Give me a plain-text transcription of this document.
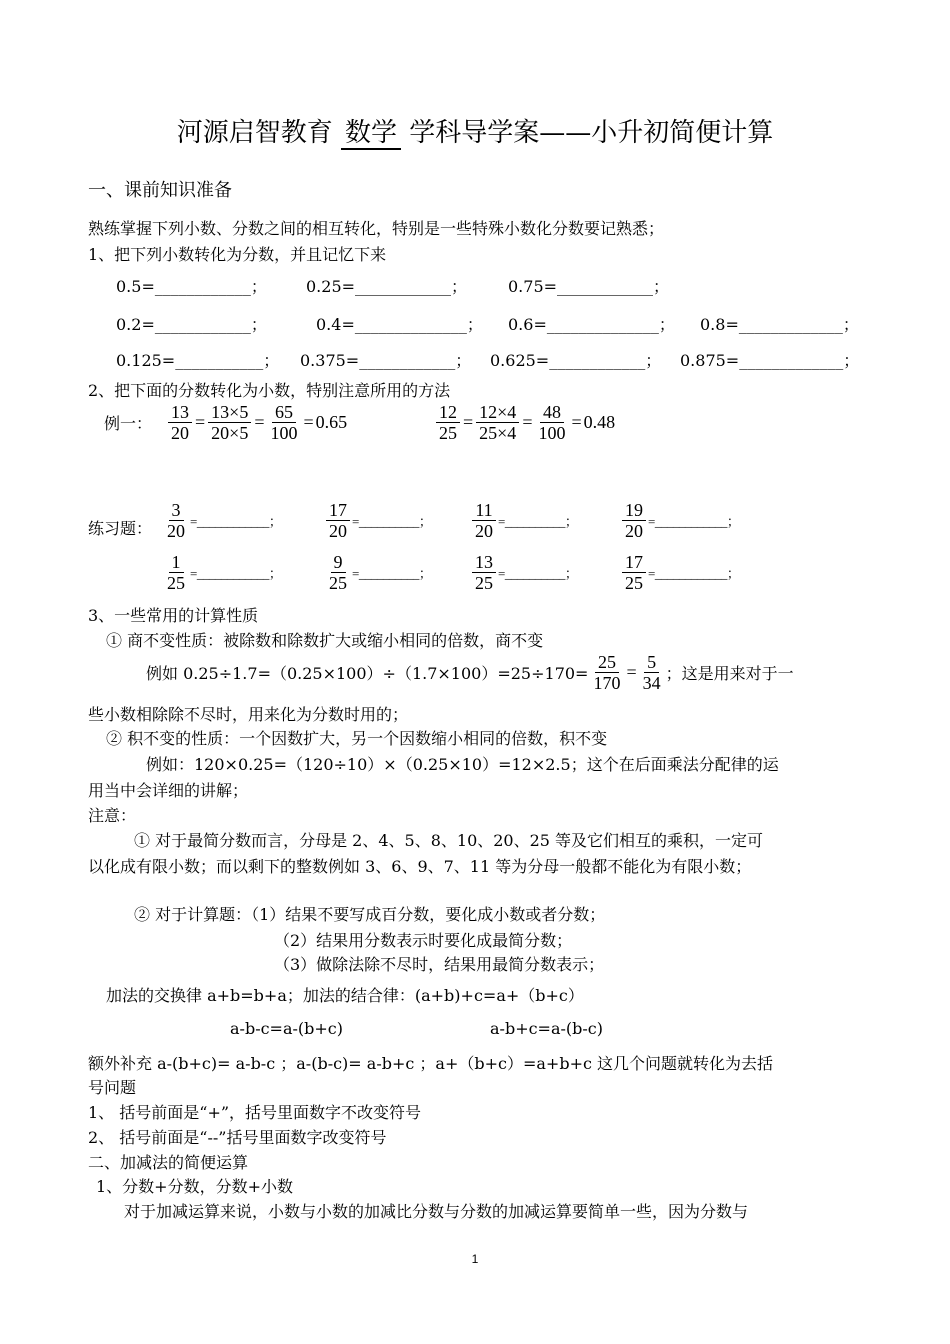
河源启智教育 数学 学科导学案——小升初简便计算
一、课前知识准备
熟练掌握下列小数、分数之间的相互转化，特别是一些特殊小数化分数要记熟悉；
1、把下列小数转化为分数，并且记忆下来
0.5=____________； 0.25=____________；	0.75=____________；
0.2=____________；	0.4=______________； 0.6=______________； 0.8=_____________；
0.125=___________； 0.375=____________； 0.625=____________； 0.875=_____________；
2、把下面的分数转化为小数，特别注意所用的方法
例一： $\frac{13}{20} = \frac{13\times 5}{20\times 5} = \frac{65}{100} = 0.65$	$\frac{12}{25} = \frac{12\times 4}{25\times 4} = \frac{48}{100} = 0.48$
练习题： $\frac{3}{20}$ =____________； $\frac{17}{20}$ =__________； $\frac{11}{20}$ =__________； $\frac{19}{20}$ =____________；
$\frac{1}{25}$ =____________； $\frac{9}{25}$ =__________； $\frac{13}{25}$ =__________； $\frac{17}{25}$ =____________；
3、一些常用的计算性质
① 商不变性质：被除数和除数扩大或缩小相同的倍数，商不变
例如 $0.25\div 1.7=(0.25\times 100)\div(1.7\times 100)=25\div 170= \frac{25}{170} = \frac{5}{34}$ ；这是用来对于一
些小数相除除不尽时，用来化为分数时用的；
② 积不变的性质：一个因数扩大，另一个因数缩小相同的倍数，积不变
例如：120×0.25=（120÷10）×（0.25×10）=12×2.5；这个在后面乘法分配律的运
用当中会详细的讲解；
注意：
① 对于最简分数而言，分母是 2、4、5、8、10、20、25 等及它们相互的乘积，一定可
以化成有限小数；而以剩下的整数例如 3、6、9、7、11 等为分母一般都不能化为有限小数；
② 对于计算题：（1）结果不要写成百分数，要化成小数或者分数；
（2）结果用分数表示时要化成最简分数；
（3）做除法除不尽时，结果用最简分数表示；
加法的交换律 a+b=b+a；加法的结合律：(a+b)+c=a+（b+c）
a-b-c=a-(b+c)	a-b+c=a-(b-c)
额外补充 a-(b+c)= a-b-c ；a-(b-c)= a-b+c ；a+（b+c）=a+b+c 这几个问题就转化为去括
号问题
1、 括号前面是“+”，括号里面数字不改变符号
2、 括号前面是“--”括号里面数字改变符号
二、加减法的简便运算
1、分数+分数，分数+小数
对于加减运算来说，小数与小数的加减比分数与分数的加减运算要简单一些，因为分数与
1
